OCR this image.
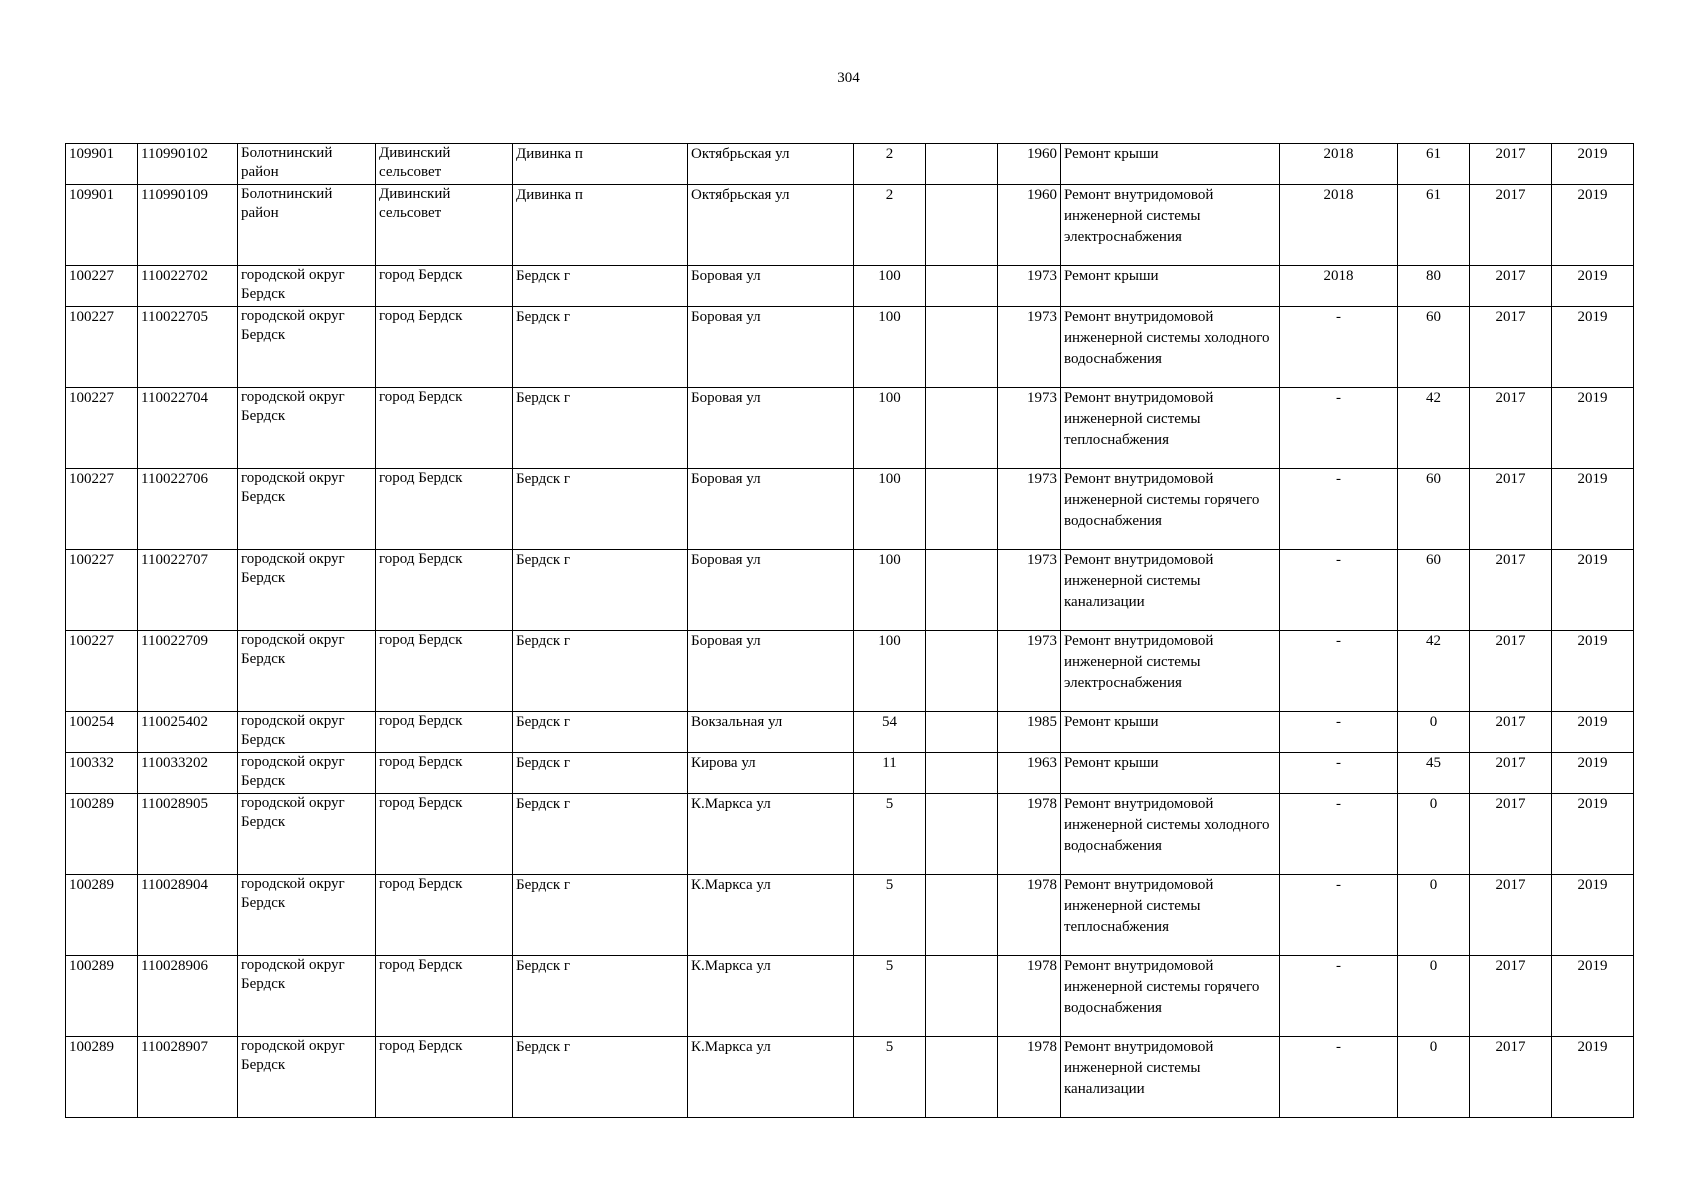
304
109901	110990102	Болотнинский район	Дивинский сельсовет	Дивинка п	Октябрьская ул	2		1960	Ремонт крыши	2018	61	2017	2019
109901	110990109	Болотнинский район	Дивинский сельсовет	Дивинка п	Октябрьская ул	2		1960	Ремонт внутридомовой инженерной системы электроснабжения	2018	61	2017	2019
100227	110022702	городской округ Бердск	город Бердск	Бердск г	Боровая ул	100		1973	Ремонт крыши	2018	80	2017	2019
100227	110022705	городской округ Бердск	город Бердск	Бердск г	Боровая ул	100		1973	Ремонт внутридомовой инженерной системы холодного водоснабжения	-	60	2017	2019
100227	110022704	городской округ Бердск	город Бердск	Бердск г	Боровая ул	100		1973	Ремонт внутридомовой инженерной системы теплоснабжения	-	42	2017	2019
100227	110022706	городской округ Бердск	город Бердск	Бердск г	Боровая ул	100		1973	Ремонт внутридомовой инженерной системы горячего водоснабжения	-	60	2017	2019
100227	110022707	городской округ Бердск	город Бердск	Бердск г	Боровая ул	100		1973	Ремонт внутридомовой инженерной системы канализации	-	60	2017	2019
100227	110022709	городской округ Бердск	город Бердск	Бердск г	Боровая ул	100		1973	Ремонт внутридомовой инженерной системы электроснабжения	-	42	2017	2019
100254	110025402	городской округ Бердск	город Бердск	Бердск г	Вокзальная ул	54		1985	Ремонт крыши	-	0	2017	2019
100332	110033202	городской округ Бердск	город Бердск	Бердск г	Кирова ул	11		1963	Ремонт крыши	-	45	2017	2019
100289	110028905	городской округ Бердск	город Бердск	Бердск г	К.Маркса ул	5		1978	Ремонт внутридомовой инженерной системы холодного водоснабжения	-	0	2017	2019
100289	110028904	городской округ Бердск	город Бердск	Бердск г	К.Маркса ул	5		1978	Ремонт внутридомовой инженерной системы теплоснабжения	-	0	2017	2019
100289	110028906	городской округ Бердск	город Бердск	Бердск г	К.Маркса ул	5		1978	Ремонт внутридомовой инженерной системы горячего водоснабжения	-	0	2017	2019
100289	110028907	городской округ Бердск	город Бердск	Бердск г	К.Маркса ул	5		1978	Ремонт внутридомовой инженерной системы канализации	-	0	2017	2019
